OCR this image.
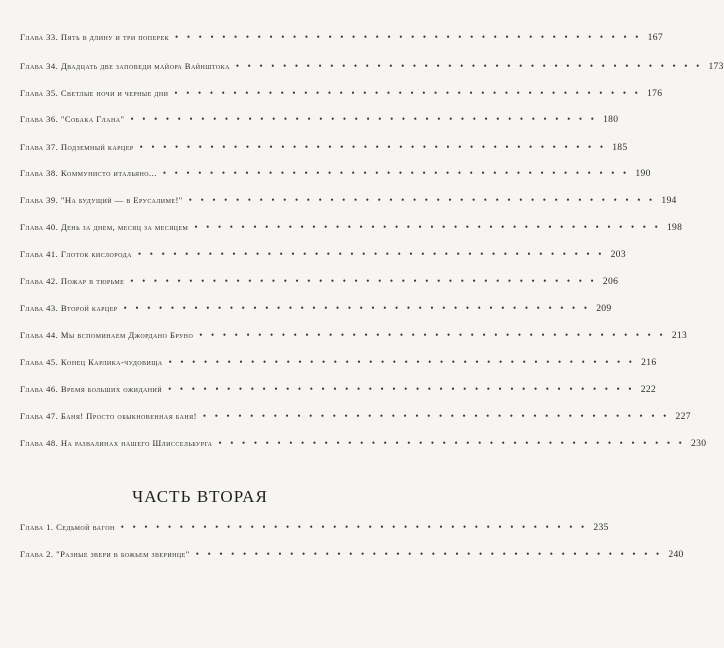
Глава 33. Пять в длину и три поперек • • • • • • • • • • • • • • • • • • • • • • • • • • • • • • • • • • • • • • • • 167
Глава 34. Двадцать две заповеди майора Вайнштока • • • • • • • • • • • • • • • • • • • • • • • • • • • • • • • • • • • • • • • • 173
Глава 35. Светлые ночи и черные дни • • • • • • • • • • • • • • • • • • • • • • • • • • • • • • • • • • • • • • • • 176
Глава 36. "Собака Глана" • • • • • • • • • • • • • • • • • • • • • • • • • • • • • • • • • • • • • • • • 180
Глава 37. Подземный карцер • • • • • • • • • • • • • • • • • • • • • • • • • • • • • • • • • • • • • • • • 185
Глава 38. Коммунисто итальяно... • • • • • • • • • • • • • • • • • • • • • • • • • • • • • • • • • • • • • • • • 190
Глава 39. "На будущий — в Ерусалиме!" • • • • • • • • • • • • • • • • • • • • • • • • • • • • • • • • • • • • • • • • 194
Глава 40. День за днем, месяц за месяцем • • • • • • • • • • • • • • • • • • • • • • • • • • • • • • • • • • • • • • • • 198
Глава 41. Глоток кислорода • • • • • • • • • • • • • • • • • • • • • • • • • • • • • • • • • • • • • • • • 203
Глава 42. Пожар в тюрьме • • • • • • • • • • • • • • • • • • • • • • • • • • • • • • • • • • • • • • • • 206
Глава 43. Второй карцер • • • • • • • • • • • • • • • • • • • • • • • • • • • • • • • • • • • • • • • • 209
Глава 44. Мы вспоминаем Джордано Бруно • • • • • • • • • • • • • • • • • • • • • • • • • • • • • • • • • • • • • • • • 213
Глава 45. Конец Карлика-чудовища • • • • • • • • • • • • • • • • • • • • • • • • • • • • • • • • • • • • • • • • 216
Глава 46. Время больших ожиданий • • • • • • • • • • • • • • • • • • • • • • • • • • • • • • • • • • • • • • • • 222
Глава 47. Баня! Просто обыкновенная баня! • • • • • • • • • • • • • • • • • • • • • • • • • • • • • • • • • • • • • • • • 227
Глава 48. На развалинах нашего Шлиссельбурга • • • • • • • • • • • • • • • • • • • • • • • • • • • • • • • • • • • • • • • • 230
ЧАСТЬ ВТОРАЯ
Глава 1. Седьмой вагон • • • • • • • • • • • • • • • • • • • • • • • • • • • • • • • • • • • • • • • • 235
Глава 2. "Разные звери в божьем зверинце" • • • • • • • • • • • • • • • • • • • • • • • • • • • • • • • • • • • • • • • • 240
